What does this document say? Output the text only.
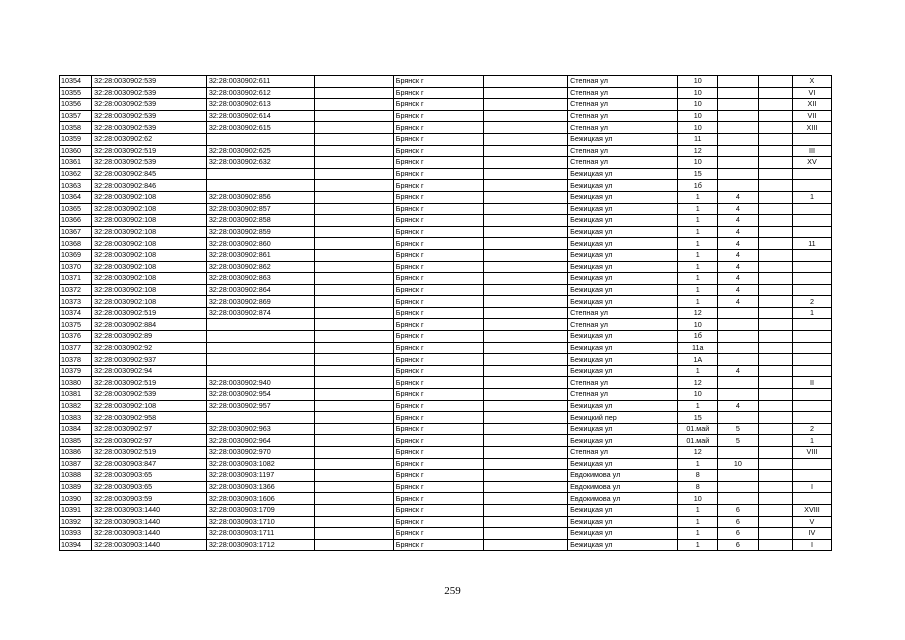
10354	32:28:0030902:539	32:28:0030902:611		Брянск г		Степная ул	10			X
10355	32:28:0030902:539	32:28:0030902:612		Брянск г		Степная ул	10			VI
10356	32:28:0030902:539	32:28:0030902:613		Брянск г		Степная ул	10			XII
10357	32:28:0030902:539	32:28:0030902:614		Брянск г		Степная ул	10			VII
10358	32:28:0030902:539	32:28:0030902:615		Брянск г		Степная ул	10			XIII
10359	32:28:0030902:62			Брянск г		Бежицкая ул	11			
10360	32:28:0030902:519	32:28:0030902:625		Брянск г		Степная ул	12			III
10361	32:28:0030902:539	32:28:0030902:632		Брянск г		Степная ул	10			XV
10362	32:28:0030902:845			Брянск г		Бежицкая ул	15			
10363	32:28:0030902:846			Брянск г		Бежицкая ул	1б			
10364	32:28:0030902:108	32:28:0030902:856		Брянск г		Бежицкая ул	1	4		1
10365	32:28:0030902:108	32:28:0030902:857		Брянск г		Бежицкая ул	1	4		
10366	32:28:0030902:108	32:28:0030902:858		Брянск г		Бежицкая ул	1	4		
10367	32:28:0030902:108	32:28:0030902:859		Брянск г		Бежицкая ул	1	4		
10368	32:28:0030902:108	32:28:0030902:860		Брянск г		Бежицкая ул	1	4		11
10369	32:28:0030902:108	32:28:0030902:861		Брянск г		Бежицкая ул	1	4		
10370	32:28:0030902:108	32:28:0030902:862		Брянск г		Бежицкая ул	1	4		
10371	32:28:0030902:108	32:28:0030902:863		Брянск г		Бежицкая ул	1	4		
10372	32:28:0030902:108	32:28:0030902:864		Брянск г		Бежицкая ул	1	4		
10373	32:28:0030902:108	32:28:0030902:869		Брянск г		Бежицкая ул	1	4		2
10374	32:28:0030902:519	32:28:0030902:874		Брянск г		Степная ул	12			1
10375	32:28:0030902:884			Брянск г		Степная ул	10			
10376	32:28:0030902:89			Брянск г		Бежицкая ул	1б			
10377	32:28:0030902:92			Брянск г		Бежицкая ул	11а			
10378	32:28:0030902:937			Брянск г		Бежицкая ул	1А			
10379	32:28:0030902:94			Брянск г		Бежицкая ул	1	4		
10380	32:28:0030902:519	32:28:0030902:940		Брянск г		Степная ул	12			II
10381	32:28:0030902:539	32:28:0030902:954		Брянск г		Степная ул	10			
10382	32:28:0030902:108	32:28:0030902:957		Брянск г		Бежицкая ул	1	4		
10383	32:28:0030902:958			Брянск г		Бежицкий пер	15			
10384	32:28:0030902:97	32:28:0030902:963		Брянск г		Бежицкая ул	01.май	5		2
10385	32:28:0030902:97	32:28:0030902:964		Брянск г		Бежицкая ул	01.май	5		1
10386	32:28:0030902:519	32:28:0030902:970		Брянск г		Степная ул	12			VIII
10387	32:28:0030903:847	32:28:0030903:1082		Брянск г		Бежицкая ул	1	10		
10388	32:28:0030903:65	32:28:0030903:1197		Брянск г		Евдокимова ул	8			
10389	32:28:0030903:65	32:28:0030903:1366		Брянск г		Евдокимова ул	8			I
10390	32:28:0030903:59	32:28:0030903:1606		Брянск г		Евдокимова ул	10			
10391	32:28:0030903:1440	32:28:0030903:1709		Брянск г		Бежицкая ул	1	6		XVIII
10392	32:28:0030903:1440	32:28:0030903:1710		Брянск г		Бежицкая ул	1	6		V
10393	32:28:0030903:1440	32:28:0030903:1711		Брянск г		Бежицкая ул	1	6		IV
10394	32:28:0030903:1440	32:28:0030903:1712		Брянск г		Бежицкая ул	1	6		I
259
